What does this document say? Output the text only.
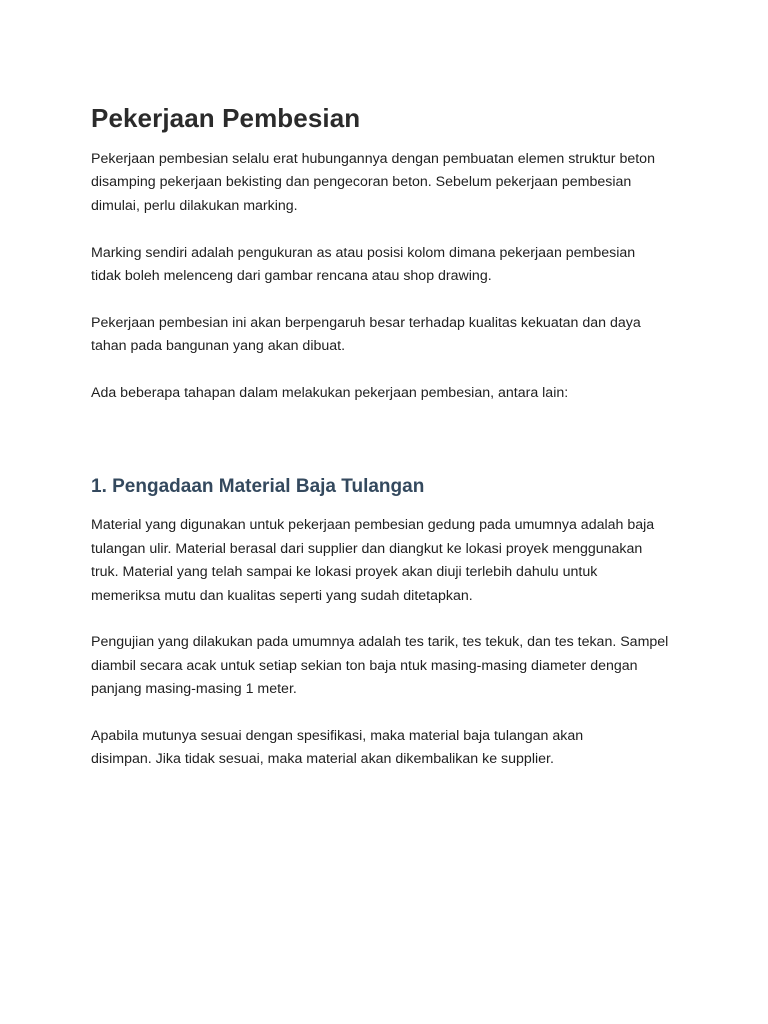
Pekerjaan Pembesian

Pekerjaan pembesian selalu erat hubungannya dengan pembuatan elemen struktur beton
disamping pekerjaan bekisting dan pengecoran beton. Sebelum pekerjaan pembesian
dimulai, perlu dilakukan marking.

Marking sendiri adalah pengukuran as atau posisi kolom dimana pekerjaan pembesian
tidak boleh melenceng dari gambar rencana atau shop drawing.

Pekerjaan pembesian ini akan berpengaruh besar terhadap kualitas kekuatan dan daya
tahan pada bangunan yang akan dibuat.

Ada beberapa tahapan dalam melakukan pekerjaan pembesian, antara lain:

1. Pengadaan Material Baja Tulangan

Material yang digunakan untuk pekerjaan pembesian gedung pada umumnya adalah baja
tulangan ulir. Material berasal dari supplier dan diangkut ke lokasi proyek menggunakan
truk. Material yang telah sampai ke lokasi proyek akan diuji terlebih dahulu untuk
memeriksa mutu dan kualitas seperti yang sudah ditetapkan.

Pengujian yang dilakukan pada umumnya adalah tes tarik, tes tekuk, dan tes tekan. Sampel
diambil secara acak untuk setiap sekian ton baja ntuk masing-masing diameter dengan
panjang masing-masing 1 meter.

Apabila mutunya sesuai dengan spesifikasi, maka material baja tulangan akan
disimpan. Jika tidak sesuai, maka material akan dikembalikan ke supplier.
